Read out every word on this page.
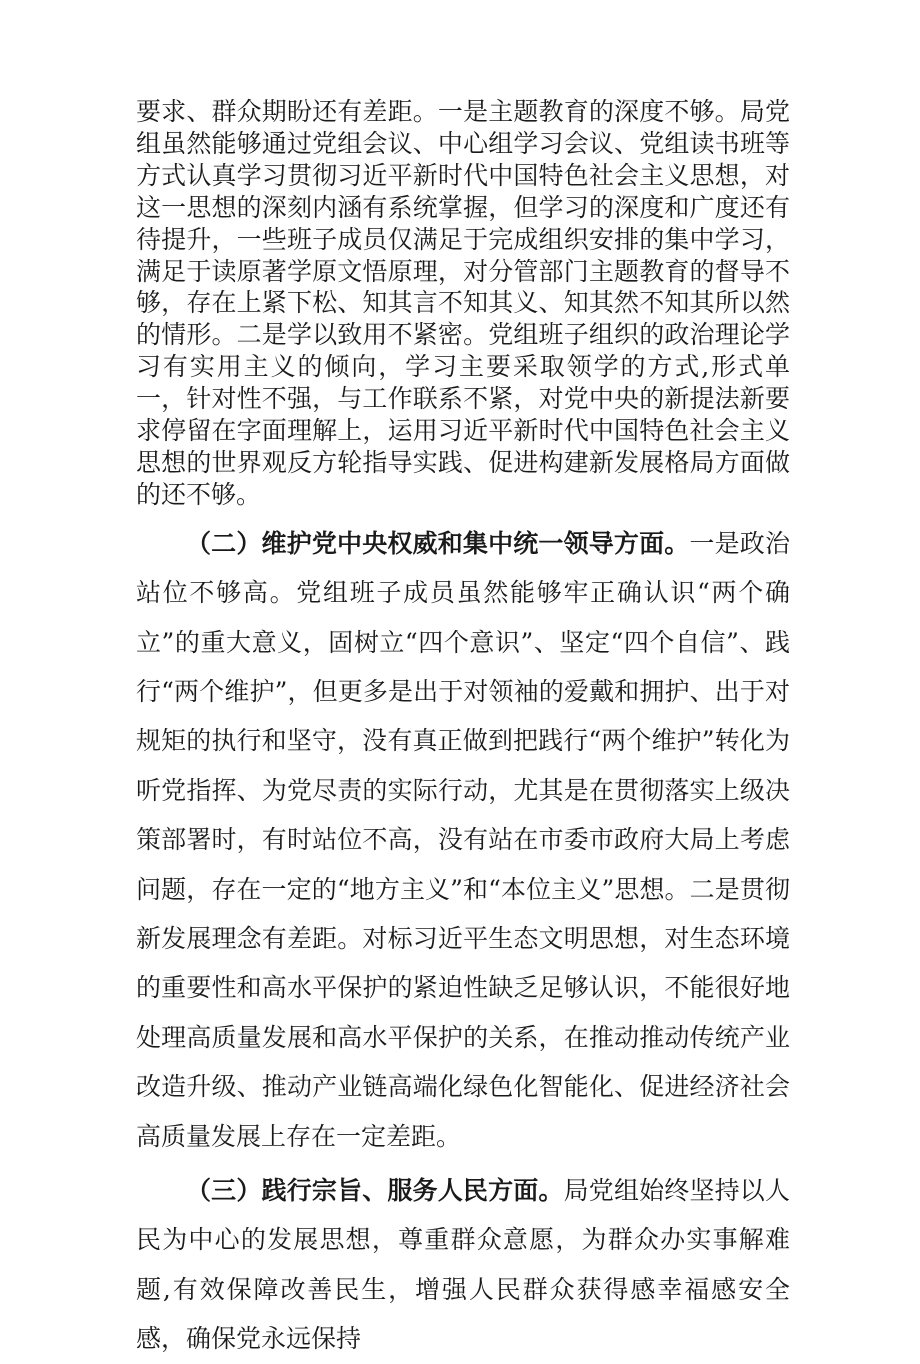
要求、群众期盼还有差距。一是主题教育的深度不够。局党组虽然能够通过党组会议、中心组学习会议、党组读书班等方式认真学习贯彻习近平新时代中国特色社会主义思想，对这一思想的深刻内涵有系统掌握，但学习的深度和广度还有待提升，一些班子成员仅满足于完成组织安排的集中学习，满足于读原著学原文悟原理，对分管部门主题教育的督导不够，存在上紧下松、知其言不知其义、知其然不知其所以然的情形。二是学以致用不紧密。党组班子组织的政治理论学习有实用主义的倾向，学习主要采取领学的方式,形式单一，针对性不强，与工作联系不紧，对党中央的新提法新要求停留在字面理解上，运用习近平新时代中国特色社会主义思想的世界观反方轮指导实践、促进构建新发展格局方面做的还不够。

（二）维护党中央权威和集中统一领导方面。一是政治站位不够高。党组班子成员虽然能够牢正确认识“两个确立”的重大意义，固树立“四个意识”、坚定“四个自信”、践行“两个维护”，但更多是出于对领袖的爱戴和拥护、出于对规矩的执行和坚守，没有真正做到把践行“两个维护”转化为听党指挥、为党尽责的实际行动，尤其是在贯彻落实上级决策部署时，有时站位不高，没有站在市委市政府大局上考虑问题，存在一定的“地方主义”和“本位主义”思想。二是贯彻新发展理念有差距。对标习近平生态文明思想，对生态环境的重要性和高水平保护的紧迫性缺乏足够认识，不能很好地处理高质量发展和高水平保护的关系，在推动推动传统产业改造升级、推动产业链高端化绿色化智能化、促进经济社会高质量发展上存在一定差距。

（三）践行宗旨、服务人民方面。局党组始终坚持以人民为中心的发展思想，尊重群众意愿，为群众办实事解难题,有效保障改善民生，增强人民群众获得感幸福感安全感，确保党永远保持
